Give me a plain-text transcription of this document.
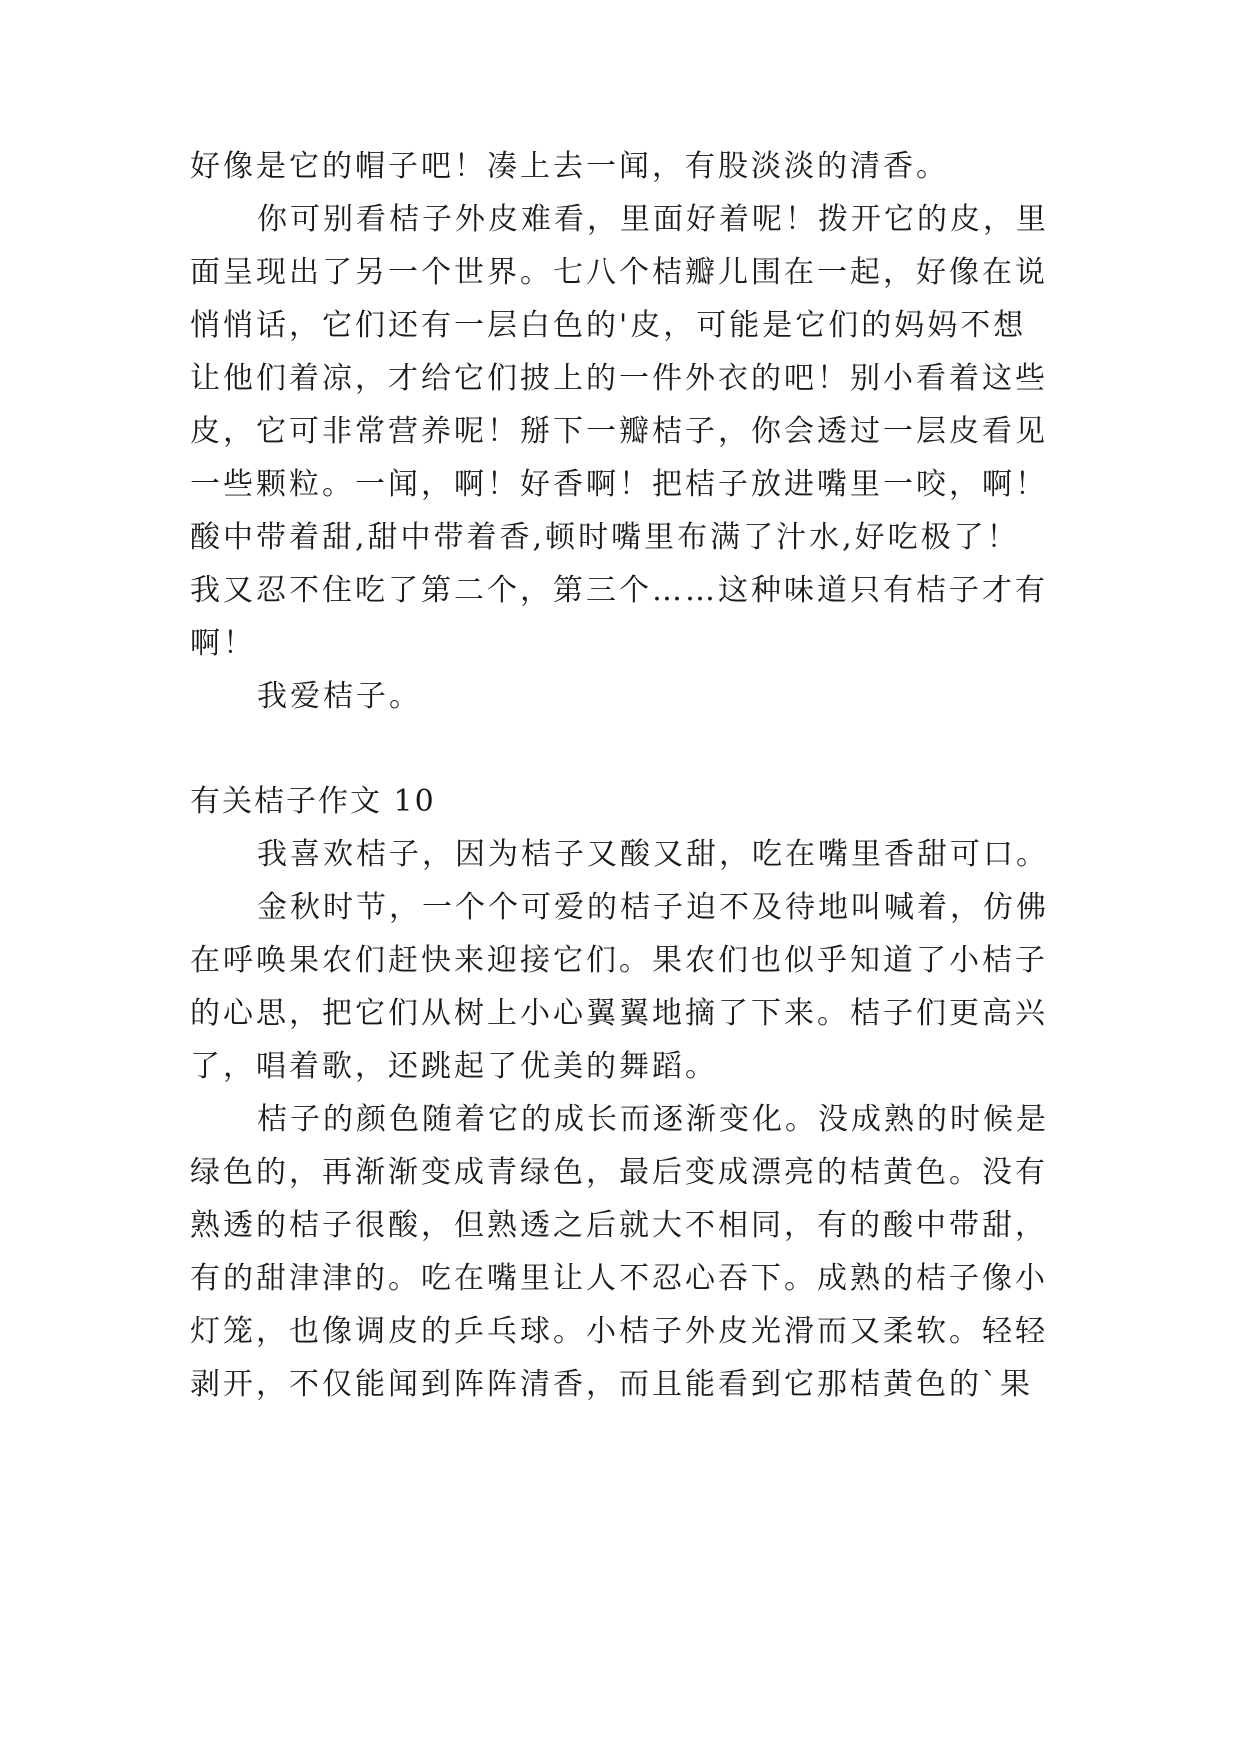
好像是它的帽子吧！凑上去一闻，有股淡淡的清香。
你可别看桔子外皮难看，里面好着呢！拨开它的皮，里
面呈现出了另一个世界。七八个桔瓣儿围在一起，好像在说
悄悄话，它们还有一层白色的'皮，可能是它们的妈妈不想
让他们着凉，才给它们披上的一件外衣的吧！别小看着这些
皮，它可非常营养呢！掰下一瓣桔子，你会透过一层皮看见
一些颗粒。一闻，啊！好香啊！把桔子放进嘴里一咬，啊！
酸中带着甜,甜中带着香,顿时嘴里布满了汁水,好吃极了！
我又忍不住吃了第二个，第三个……这种味道只有桔子才有
啊！
我爱桔子。
有关桔子作文 10
我喜欢桔子，因为桔子又酸又甜，吃在嘴里香甜可口。
金秋时节，一个个可爱的桔子迫不及待地叫喊着，仿佛
在呼唤果农们赶快来迎接它们。果农们也似乎知道了小桔子
的心思，把它们从树上小心翼翼地摘了下来。桔子们更高兴
了，唱着歌，还跳起了优美的舞蹈。
桔子的颜色随着它的成长而逐渐变化。没成熟的时候是
绿色的，再渐渐变成青绿色，最后变成漂亮的桔黄色。没有
熟透的桔子很酸，但熟透之后就大不相同，有的酸中带甜，
有的甜津津的。吃在嘴里让人不忍心吞下。成熟的桔子像小
灯笼，也像调皮的乒乓球。小桔子外皮光滑而又柔软。轻轻
剥开，不仅能闻到阵阵清香，而且能看到它那桔黄色的`果
